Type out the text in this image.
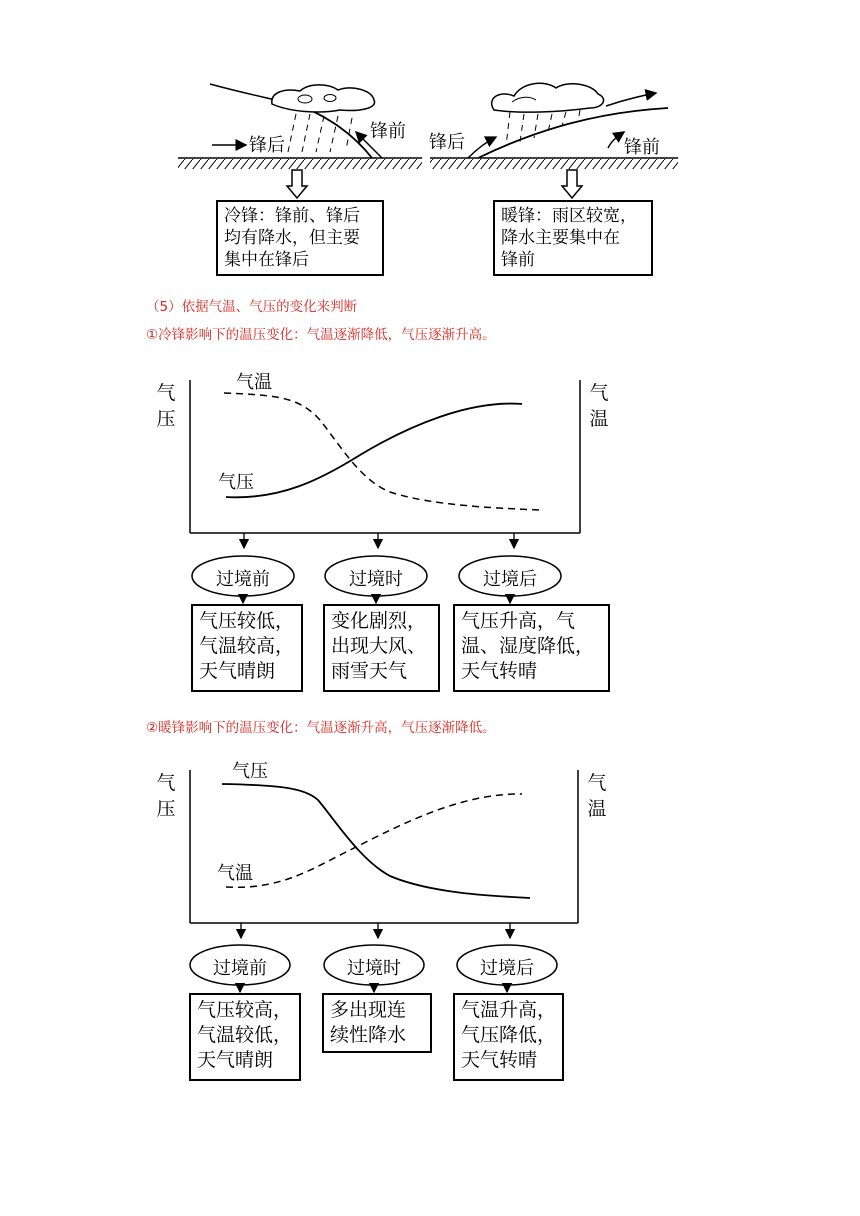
锋后
锋前
冷锋：锋前、锋后
均有降水，但主要
集中在锋后
锋后	锋前
暖锋：雨区较宽，
降水主要集中在
锋前
（5）依据气温、气压的变化来判断
①冷锋影响下的温压变化：气温逐渐降低，气压逐渐升高。
气
压
气
温
气温
气压
过境前	过境时	过境后
气压较低，
气温较高，
天气晴朗
变化剧烈，
出现大风、
雨雪天气
气压升高，气
温、湿度降低，
天气转晴
②暖锋影响下的温压变化：气温逐渐升高，气压逐渐降低。
气
压
气
温
气压
气温
过境前	过境时	过境后
气压较高，
气温较低，
天气晴朗
多出现连
续性降水
气温升高，
气压降低，
天气转晴
